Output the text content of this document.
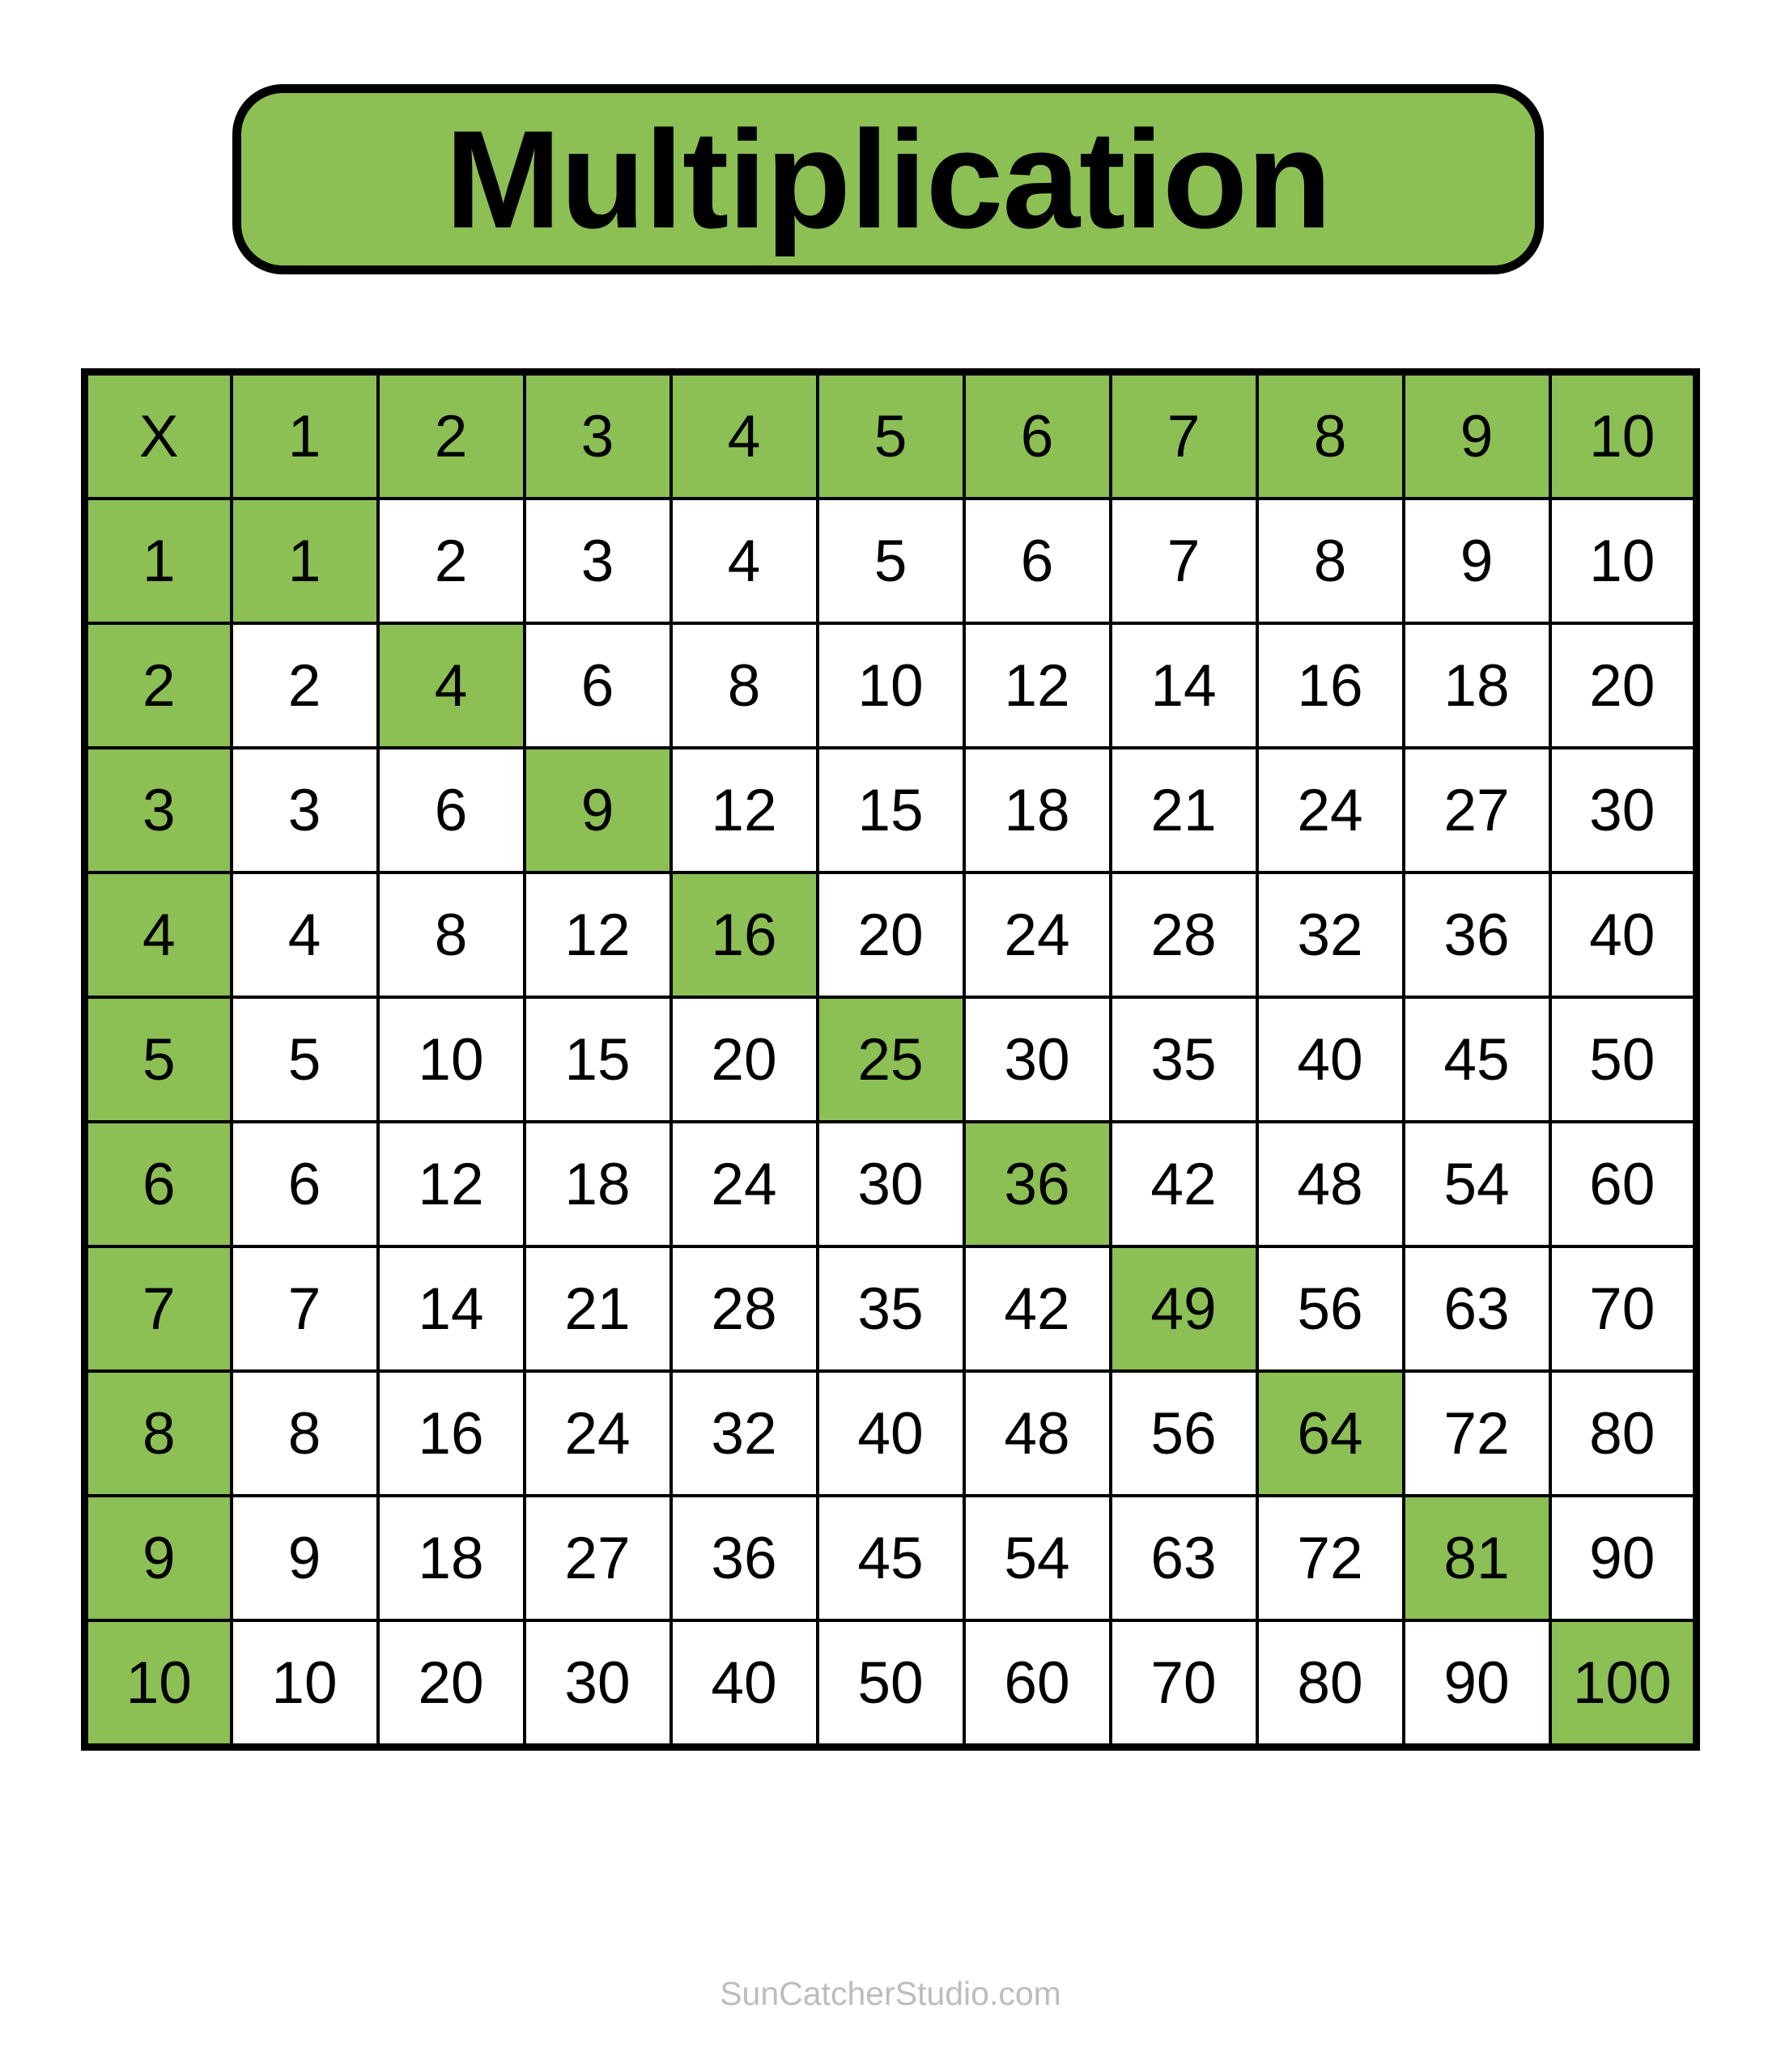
Multiplication
X	1	2	3	4	5	6	7	8	9	10
1	1	2	3	4	5	6	7	8	9	10
2	2	4	6	8	10	12	14	16	18	20
3	3	6	9	12	15	18	21	24	27	30
4	4	8	12	16	20	24	28	32	36	40
5	5	10	15	20	25	30	35	40	45	50
6	6	12	18	24	30	36	42	48	54	60
7	7	14	21	28	35	42	49	56	63	70
8	8	16	24	32	40	48	56	64	72	80
9	9	18	27	36	45	54	63	72	81	90
10	10	20	30	40	50	60	70	80	90	100
SunCatcherStudio.com
